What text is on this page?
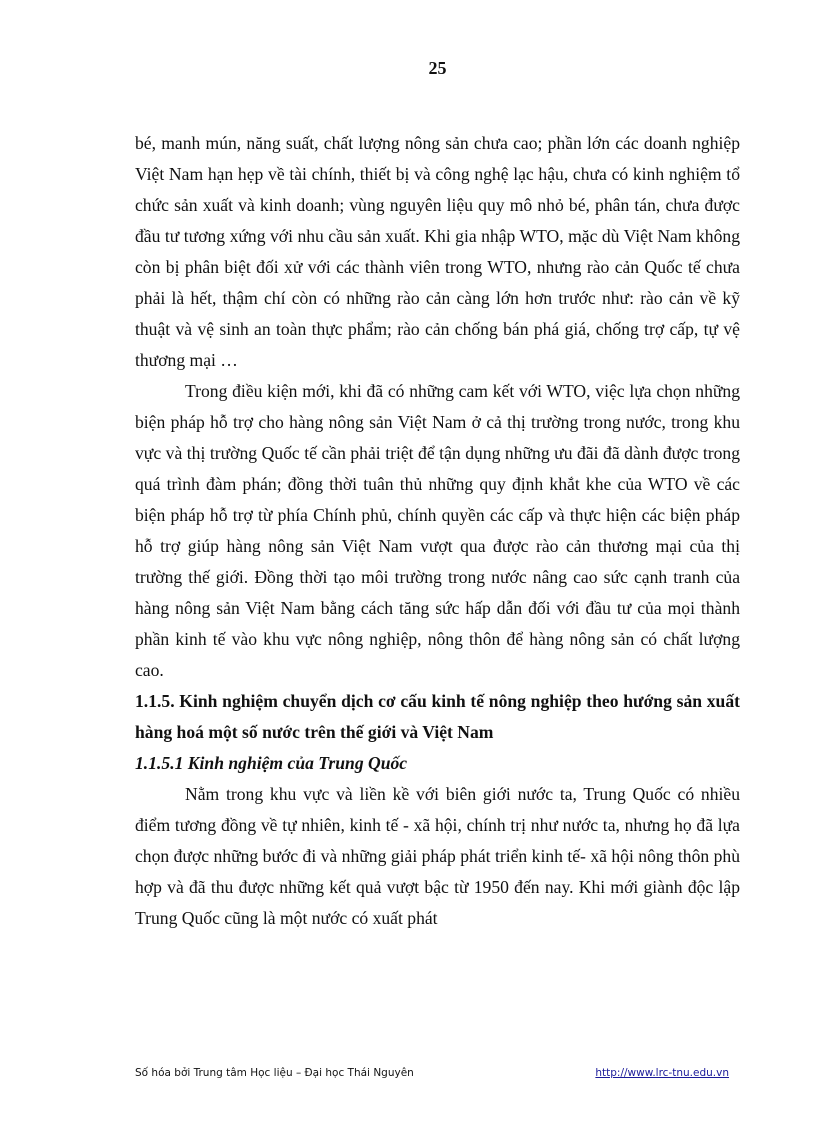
25

bé, manh mún, năng suất, chất lượng nông sản chưa cao; phần lớn các doanh nghiệp Việt Nam hạn hẹp về tài chính, thiết bị và công nghệ lạc hậu, chưa có kinh nghiệm tổ chức sản xuất và kinh doanh; vùng nguyên liệu quy mô nhỏ bé, phân tán, chưa được đầu tư tương xứng với nhu cầu sản xuất. Khi gia nhập WTO, mặc dù Việt Nam không còn bị phân biệt đối xử với các thành viên trong WTO, nhưng rào cản Quốc tế chưa phải là hết, thậm chí còn có những rào cản càng lớn hơn trước như: rào cản về kỹ thuật và vệ sinh an toàn thực phẩm; rào cản chống bán phá giá, chống trợ cấp, tự vệ thương mại …

Trong điều kiện mới, khi đã có những cam kết với WTO, việc lựa chọn những biện pháp hỗ trợ cho hàng nông sản Việt Nam ở cả thị trường trong nước, trong khu vực và thị trường Quốc tế cần phải triệt để tận dụng những ưu đãi đã dành được trong quá trình đàm phán; đồng thời tuân thủ những quy định khắt khe của WTO về các biện pháp hỗ trợ từ phía Chính phủ, chính quyền các cấp và thực hiện các biện pháp hỗ trợ giúp hàng nông sản Việt Nam vượt qua được rào cản thương mại của thị trường thế giới. Đồng thời tạo môi trường trong nước nâng cao sức cạnh tranh của hàng nông sản Việt Nam bằng cách tăng sức hấp dẫn đối với đầu tư của mọi thành phần kinh tế vào khu vực nông nghiệp, nông thôn để hàng nông sản có chất lượng cao.

1.1.5. Kinh nghiệm chuyển dịch cơ cấu kinh tế nông nghiệp theo hướng sản xuất hàng hoá một số nước trên thế giới và Việt Nam
1.1.5.1 Kinh nghiệm của Trung Quốc

Nằm trong khu vực và liền kề với biên giới nước ta, Trung Quốc có nhiều điểm tương đồng về tự nhiên, kinh tế - xã hội, chính trị như nước ta, nhưng họ đã lựa chọn được những bước đi và những giải pháp phát triển kinh tế- xã hội nông thôn phù hợp và đã thu được những kết quả vượt bậc từ 1950 đến nay. Khi mới giành độc lập Trung Quốc cũng là một nước có xuất phát

Số hóa bởi Trung tâm Học liệu – Đại học Thái Nguyên	http://www.lrc-tnu.edu.vn
